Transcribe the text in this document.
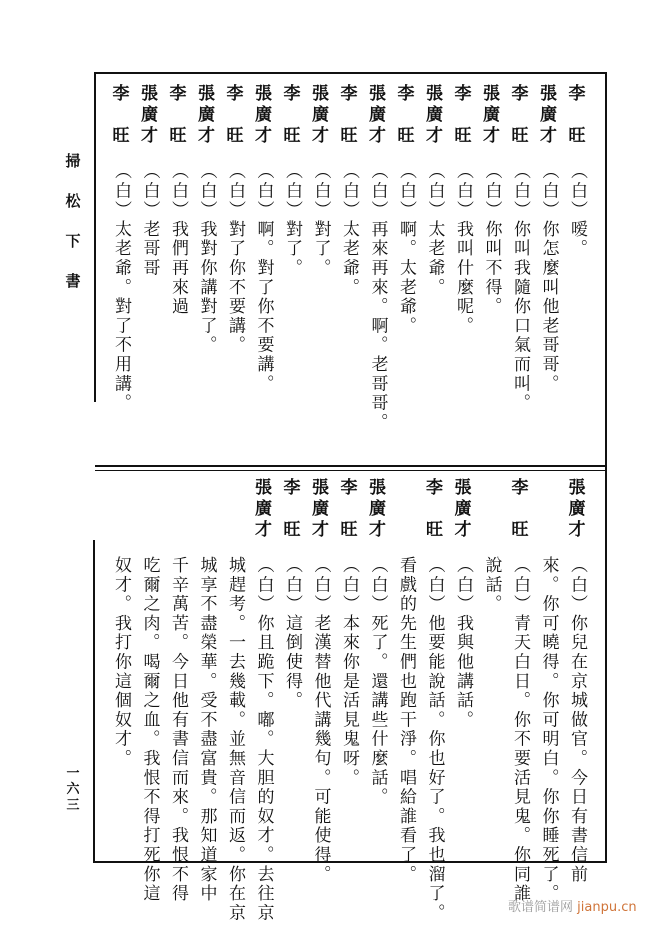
掃
松
下
書
一
六
三
李
旺
（白）嗳。
張
廣
才
（白）你怎麼叫他老哥哥。
李
旺
（白）你叫我隨你口氣而叫。
張
廣
才
（白）你叫不得。
李
旺
（白）我叫什麼呢。
張
廣
才
（白）太老爺。
李
旺
（白）啊。太老爺。
張
廣
才
（白）再來再來。啊。老哥哥。
李
旺
（白）太老爺。
張
廣
才
（白）對了。
李
旺
（白）對了。
張
廣
才
（白）啊。對了你不要講。
李
旺
（白）對了你不要講。
張
廣
才
（白）我對你講對了。
李
旺
（白）我們再來過
張
廣
才
（白）老哥哥
李
旺
（白）太老爺。對了不用講。
張
廣
才
（白）你兒在京城做官。今日有書信前
來。你可曉得。你可明白。你你睡死了。
李
旺
（白）青天白日。你不要活見鬼。你同誰
說話。
張
廣
才
（白）我與他講話。
李
旺
（白）他要能說話。你也好了。我也溜了。
看戲的先生們也跑干淨。唱給誰看了。
張
廣
才
（白）死了。還講些什麼話。
李
旺
（白）本來你是活見鬼呀。
張
廣
才
（白）老漢替他代講幾句。可能使得。
李
旺
（白）這倒使得。
張
廣
才
（白）你且跪下。嘟。大胆的奴才。去往京
城趕考。一去幾載。並無音信而返。你在京
城享不盡榮華。受不盡富貴。那知道家中
千辛萬苦。今日他有書信而來。我恨不得
吃爾之肉。喝爾之血。我恨不得打死你這
奴才。我打你這個奴才。
歌谱简谱网 jianpu.cn
